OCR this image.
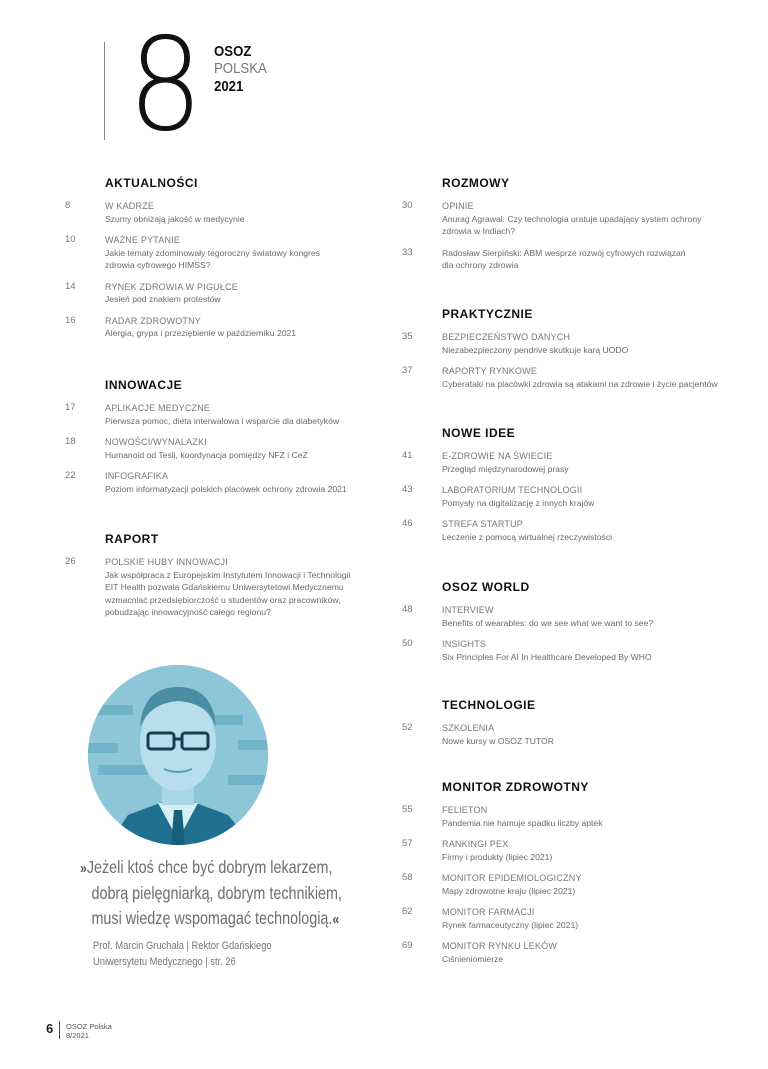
8 OSOZ
POLSKA
2021
AKTUALNOŚCI
8	W KADRZE
Szumy obniżają jakość w medycynie
10	WAŻNE PYTANIE
Jakie tematy zdominowały tegoroczny światowy kongres zdrowia cyfrowego HIMSS?
14	RYNEK ZDROWIA W PIGUŁCE
Jesień pod znakiem protestów
16	RADAR ZDROWOTNY
Alergia, grypa i przeziębienie w październiku 2021
INNOWACJE
17	APLIKACJE MEDYCZNE
Pierwsza pomoc, dieta interwałowa i wsparcie dla diabetyków
18	NOWOŚCI/WYNALAZKI
Humanoid od Tesli, koordynacja pomiędzy NFZ i CeZ
22	INFOGRAFIKA
Poziom informatyzacji polskich placówek ochrony zdrowia 2021
RAPORT
26	POLSKIE HUBY INNOWACJI
Jak współpraca z Europejskim Instytutem Innowacji i Technologii EIT Health pozwala Gdańskiemu Uniwersytetowi Medycznemu wzmacniać przedsiębiorczość u studentów oraz pracowników, pobudzając innowacyjność całego regionu?
ROZMOWY
30	OPINIE
Anurag Agrawal: Czy technologia uratuje upadający system ochrony zdrowia w Indiach?
33	Radosław Sierpiński: ABM wesprze rozwój cyfrowych rozwiązań dla ochrony zdrowia
PRAKTYCZNIE
35	BEZPIECZEŃSTWO DANYCH
Niezabezpieczony pendrive skutkuje karą UODO
37	RAPORTY RYNKOWE
Cyberataki na placówki zdrowia są atakami na zdrowie i życie pacjentów
NOWE IDEE
41	E-ZDROWIE NA ŚWIECIE
Przegląd międzynarodowej prasy
43	LABORATORIUM TECHNOLOGII
Pomysły na digitalizację z innych krajów
46	STREFA STARTUP
Leczenie z pomocą wirtualnej rzeczywistości
OSOZ WORLD
48	INTERVIEW
Benefits of wearables: do we see what we want to see?
50	INSIGHTS
Six Principles For AI In Healthcare Developed By WHO
TECHNOLOGIE
52	SZKOLENIA
Nowe kursy w OSOZ TUTOR
MONITOR ZDROWOTNY
55	FELIETON
Pandemia nie hamuje spadku liczby aptek
57	RANKINGI PEX
Firmy i produkty (lipiec 2021)
58	MONITOR EPIDEMIOLOGICZNY
Mapy zdrowotne kraju (lipiec 2021)
62	MONITOR FARMACJI
Rynek farmaceutyczny (lipiec 2021)
69	MONITOR RYNKU LEKÓW
Ciśnieniomierze
»Jeżeli ktoś chce być dobrym lekarzem,
dobrą pielęgniarką, dobrym technikiem,
musi wiedzę wspomagać technologią.«
Prof. Marcin Gruchała | Rektor Gdańskiego
Uniwersytetu Medycznego | str. 26
6 OSOZ Polska
8/2021
